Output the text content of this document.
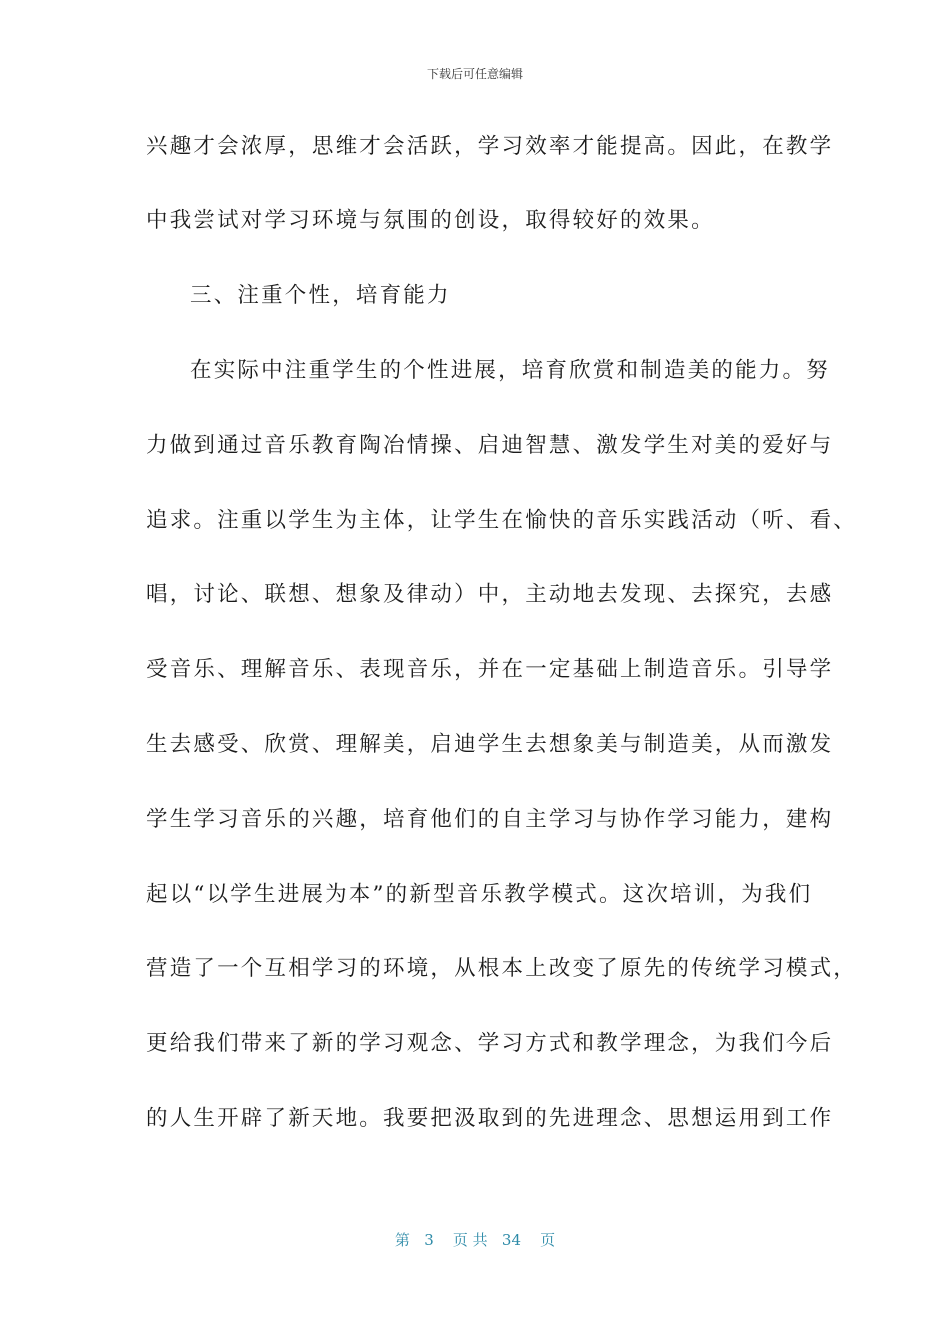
下载后可任意编辑
兴趣才会浓厚，思维才会活跃，学习效率才能提高。因此，在教学
中我尝试对学习环境与氛围的创设，取得较好的效果。
三、注重个性，培育能力
在实际中注重学生的个性进展，培育欣赏和制造美的能力。努
力做到通过音乐教育陶冶情操、启迪智慧、激发学生对美的爱好与
追求。注重以学生为主体，让学生在愉快的音乐实践活动（听、看、
唱，讨论、联想、想象及律动）中，主动地去发现、去探究，去感
受音乐、理解音乐、表现音乐，并在一定基础上制造音乐。引导学
生去感受、欣赏、理解美，启迪学生去想象美与制造美，从而激发
学生学习音乐的兴趣，培育他们的自主学习与协作学习能力，建构
起以“以学生进展为本”的新型音乐教学模式。这次培训，为我们
营造了一个互相学习的环境，从根本上改变了原先的传统学习模式，
更给我们带来了新的学习观念、学习方式和教学理念，为我们今后
的人生开辟了新天地。我要把汲取到的先进理念、思想运用到工作
第 3 页 共 34 页
